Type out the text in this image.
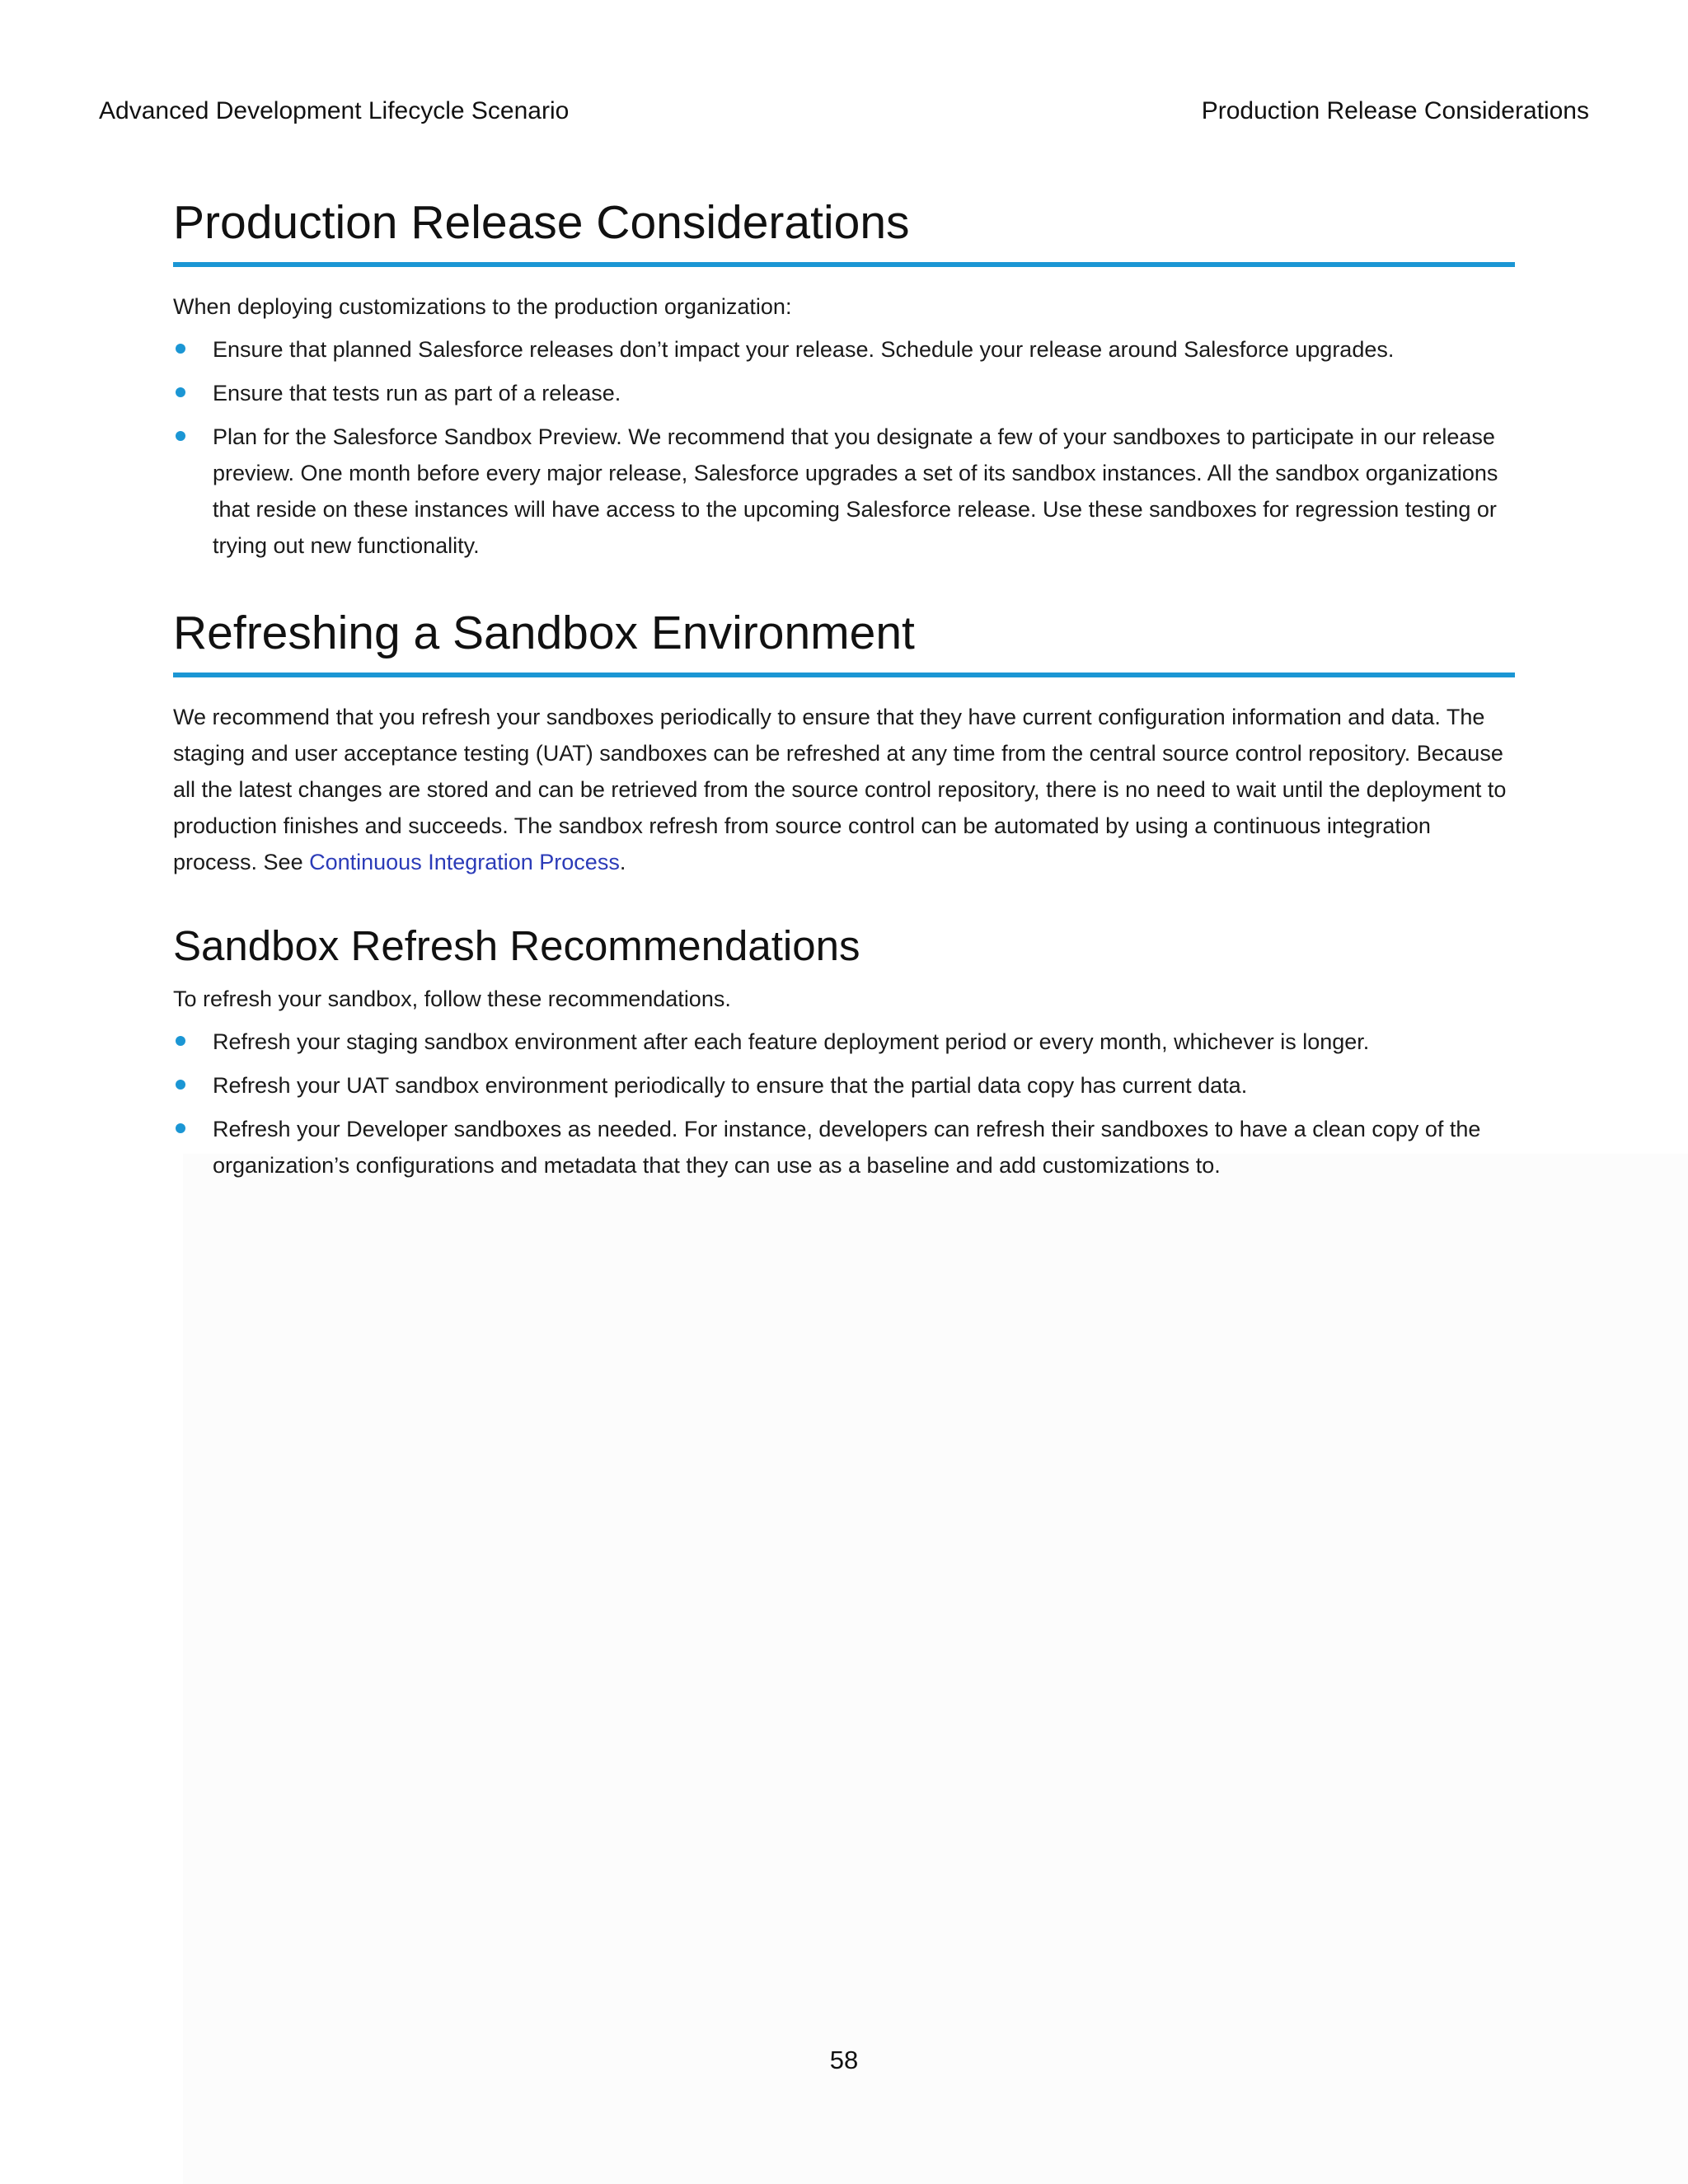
Advanced Development Lifecycle Scenario	Production Release Considerations
Production Release Considerations

When deploying customizations to the production organization:

Ensure that planned Salesforce releases don’t impact your release. Schedule your release around Salesforce upgrades.
Ensure that tests run as part of a release.
Plan for the Salesforce Sandbox Preview. We recommend that you designate a few of your sandboxes to participate in our release preview. One month before every major release, Salesforce upgrades a set of its sandbox instances. All the sandbox organizations that reside on these instances will have access to the upcoming Salesforce release. Use these sandboxes for regression testing or trying out new functionality.
Refreshing a Sandbox Environment

We recommend that you refresh your sandboxes periodically to ensure that they have current configuration information and data. The staging and user acceptance testing (UAT) sandboxes can be refreshed at any time from the central source control repository. Because all the latest changes are stored and can be retrieved from the source control repository, there is no need to wait until the deployment to production finishes and succeeds. The sandbox refresh from source control can be automated by using a continuous integration process. See Continuous Integration Process.

Sandbox Refresh Recommendations

To refresh your sandbox, follow these recommendations.

Refresh your staging sandbox environment after each feature deployment period or every month, whichever is longer.
Refresh your UAT sandbox environment periodically to ensure that the partial data copy has current data.
Refresh your Developer sandboxes as needed. For instance, developers can refresh their sandboxes to have a clean copy of the organization’s configurations and metadata that they can use as a baseline and add customizations to.
58
